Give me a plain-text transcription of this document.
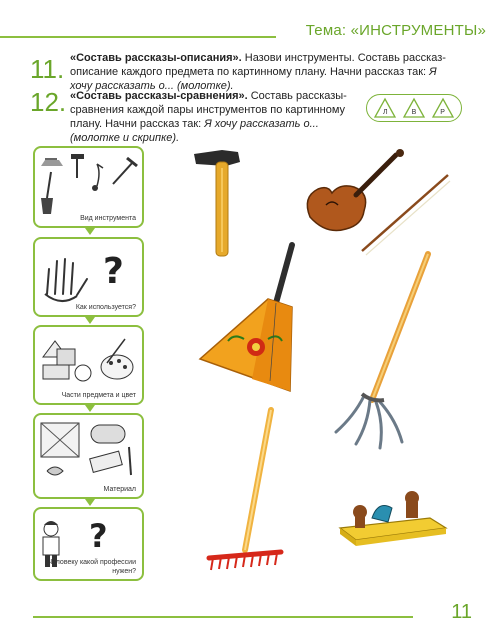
Тема: «ИНСТРУМЕНТЫ»
11. «Составь рассказы-описания». Назови инструменты. Составь рассказ-описание каждого предмета по картинному плану. Начни рассказ так: Я хочу рассказать о... (молотке).
12. «Составь рассказы-сравнения». Составь рассказы-сравнения каждой пары инструментов по картинному плану. Начни рассказ так: Я хочу рассказать о... (молотке и скрипке).
Л	В	Р
Вид инструмента
?
Как используется?
Части предмета и цвет
Материал
?
Человеку какой профессии нужен?
11
